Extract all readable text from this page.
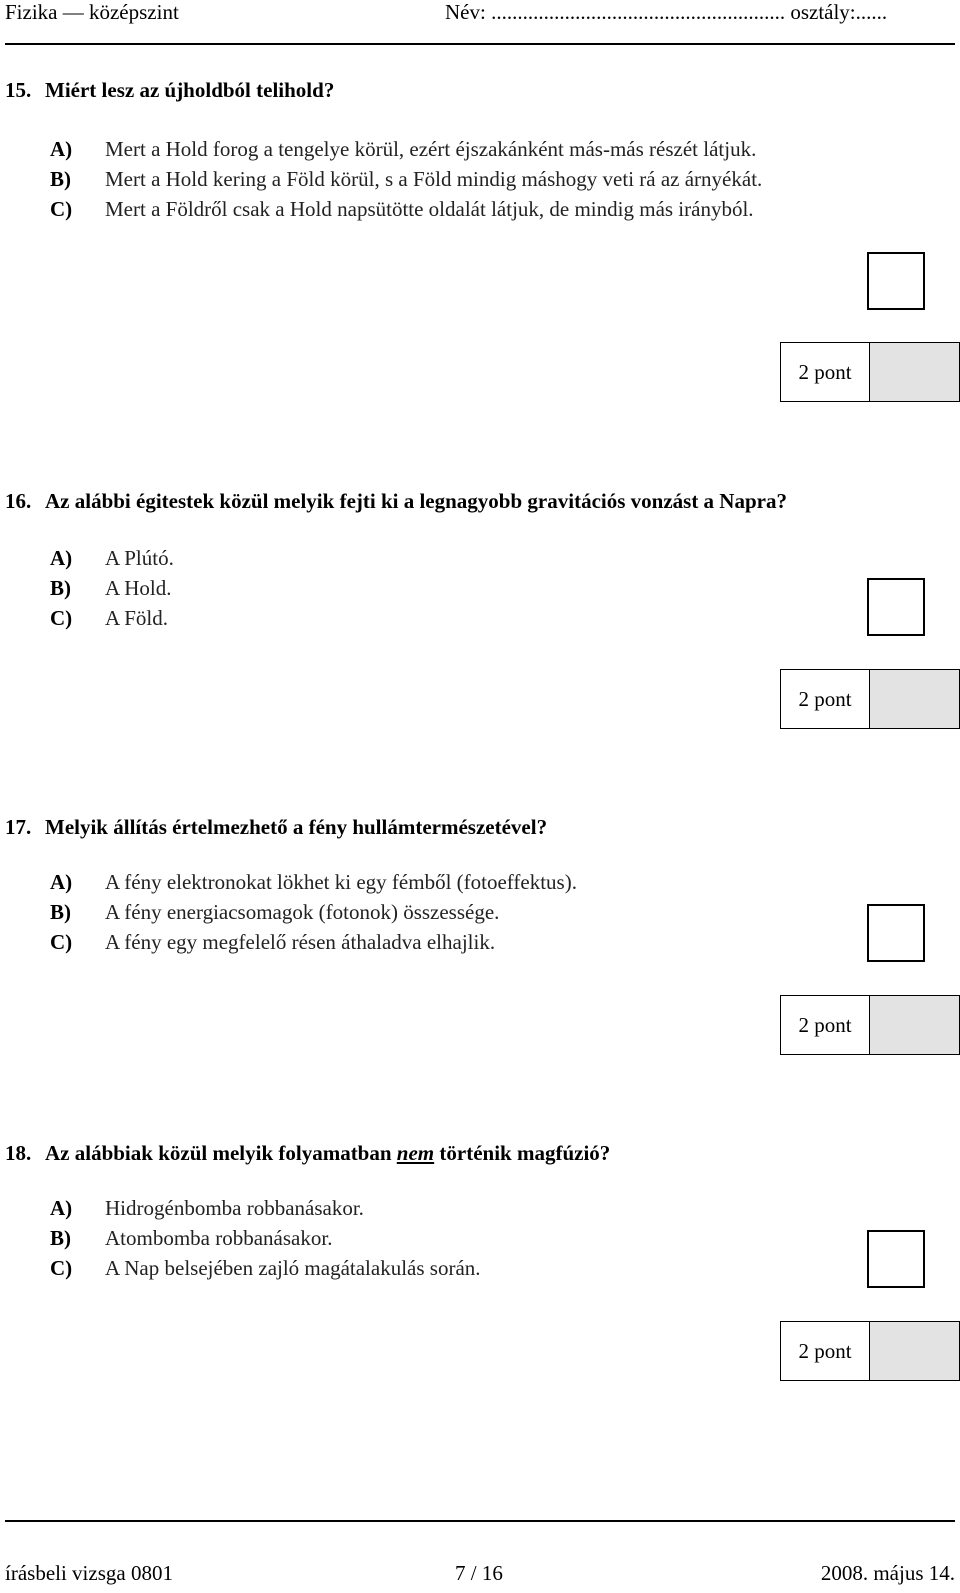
Fizika — középszint	Név: ........................................................ osztály:......
15. Miért lesz az újholdból telihold?
A) Mert a Hold forog a tengelye körül, ezért éjszakánként más-más részét látjuk.
B) Mert a Hold kering a Föld körül, s a Föld mindig máshogy veti rá az árnyékát.
C) Mert a Földről csak a Hold napsütötte oldalát látjuk, de mindig más irányból.
2 pont
16. Az alábbi égitestek közül melyik fejti ki a legnagyobb gravitációs vonzást a Napra?
A) A Plútó.
B) A Hold.
C) A Föld.
2 pont
17. Melyik állítás értelmezhető a fény hullámtermészetével?
A) A fény elektronokat lökhet ki egy fémből (fotoeffektus).
B) A fény energiacsomagok (fotonok) összessége.
C) A fény egy megfelelő résen áthaladva elhajlik.
2 pont
18. Az alábbiak közül melyik folyamatban nem történik magfúzió?
A) Hidrogénbomba robbanásakor.
B) Atombomba robbanásakor.
C) A Nap belsejében zajló magátalakulás során.
2 pont
írásbeli vizsga 0801	7 / 16	2008. május 14.
